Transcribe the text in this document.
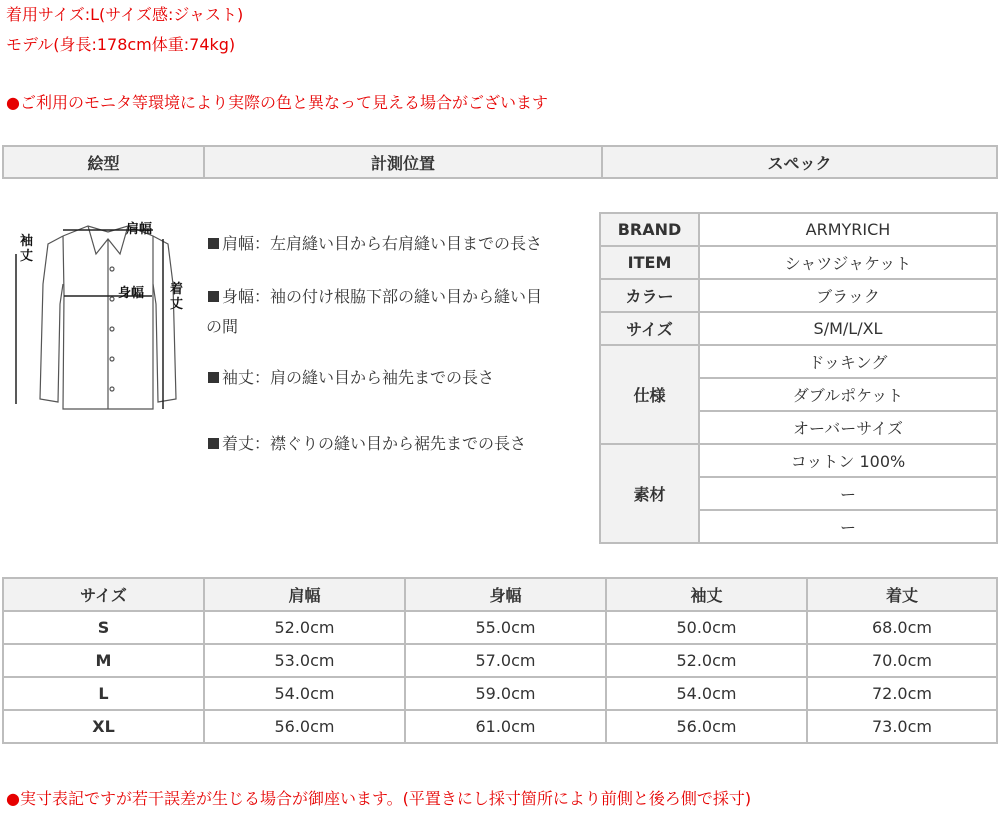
着用サイズ:L(サイズ感:ジャスト)
モデル(身長:178cm体重:74kg)
●ご利用のモニタ等環境により実際の色と異なって見える場合がございます
絵型	計測位置	スペック
肩幅
身幅
袖丈
着丈
肩幅：左肩縫い目から右肩縫い目までの長さ
身幅：袖の付け根脇下部の縫い目から縫い目
の間
袖丈：肩の縫い目から袖先までの長さ
着丈：襟ぐりの縫い目から裾先までの長さ
BRAND	ARMYRICH
ITEM	シャツジャケット
カラー	ブラック
サイズ	S/M/L/XL
仕様	ドッキング
	ダブルポケット
	オーバーサイズ
素材	コットン 100%
	ー
	ー
サイズ	肩幅	身幅	袖丈	着丈
S	52.0cm	55.0cm	50.0cm	68.0cm
M	53.0cm	57.0cm	52.0cm	70.0cm
L	54.0cm	59.0cm	54.0cm	72.0cm
XL	56.0cm	61.0cm	56.0cm	73.0cm
●実寸表記ですが若干誤差が生じる場合が御座います。(平置きにし採寸箇所により前側と後ろ側で採寸)
